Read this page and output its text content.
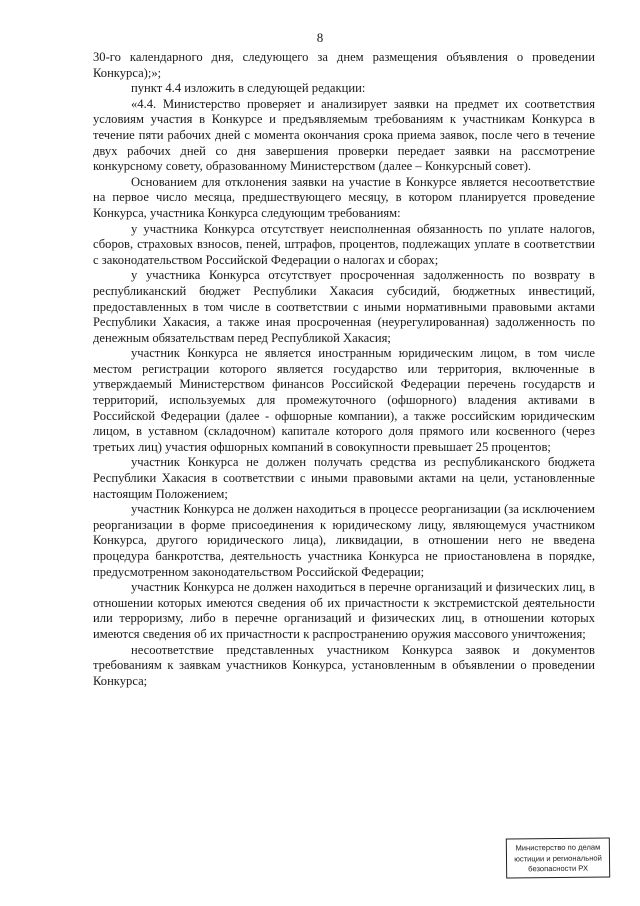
8

30-го календарного дня, следующего за днем размещения объявления о проведении Конкурса);»;

пункт 4.4 изложить в следующей редакции:

«4.4. Министерство проверяет и анализирует заявки на предмет их соответствия условиям участия в Конкурсе и предъявляемым требованиям к участникам Конкурса в течение пяти рабочих дней с момента окончания срока приема заявок, после чего в течение двух рабочих дней со дня завершения проверки передает заявки на рассмотрение конкурсному совету, образованному Министерством (далее – Конкурсный совет).

Основанием для отклонения заявки на участие в Конкурсе является несоответствие на первое число месяца, предшествующего месяцу, в котором планируется проведение Конкурса, участника Конкурса следующим требованиям:

у участника Конкурса отсутствует неисполненная обязанность по уплате налогов, сборов, страховых взносов, пеней, штрафов, процентов, подлежащих уплате в соответствии с законодательством Российской Федерации о налогах и сборах;

у участника Конкурса отсутствует просроченная задолженность по возврату в республиканский бюджет Республики Хакасия субсидий, бюджетных инвестиций, предоставленных в том числе в соответствии с иными нормативными правовыми актами Республики Хакасия, а также иная просроченная (неурегулированная) задолженность по денежным обязательствам перед Республикой Хакасия;

участник Конкурса не является иностранным юридическим лицом, в том числе местом регистрации которого является государство или территория, включенные в утверждаемый Министерством финансов Российской Федерации перечень государств и территорий, используемых для промежуточного (офшорного) владения активами в Российской Федерации (далее - офшорные компании), а также российским юридическим лицом, в уставном (складочном) капитале которого доля прямого или косвенного (через третьих лиц) участия офшорных компаний в совокупности превышает 25 процентов;

участник Конкурса не должен получать средства из республиканского бюджета Республики Хакасия в соответствии с иными правовыми актами на цели, установленные настоящим Положением;

участник Конкурса не должен находиться в процессе реорганизации (за исключением реорганизации в форме присоединения к юридическому лицу, являющемуся участником Конкурса, другого юридического лица), ликвидации, в отношении него не введена процедура банкротства, деятельность участника Конкурса не приостановлена в порядке, предусмотренном законодательством Российской Федерации;

участник Конкурса не должен находиться в перечне организаций и физических лиц, в отношении которых имеются сведения об их причастности к экстремистской деятельности или терроризму, либо в перечне организаций и физических лиц, в отношении которых имеются сведения об их причастности к распространению оружия массового уничтожения;

несоответствие представленных участником Конкурса заявок и документов требованиям к заявкам участников Конкурса, установленным в объявлении о проведении Конкурса;

Министерство по делам
юстиции и региональной
безопасности РХ
